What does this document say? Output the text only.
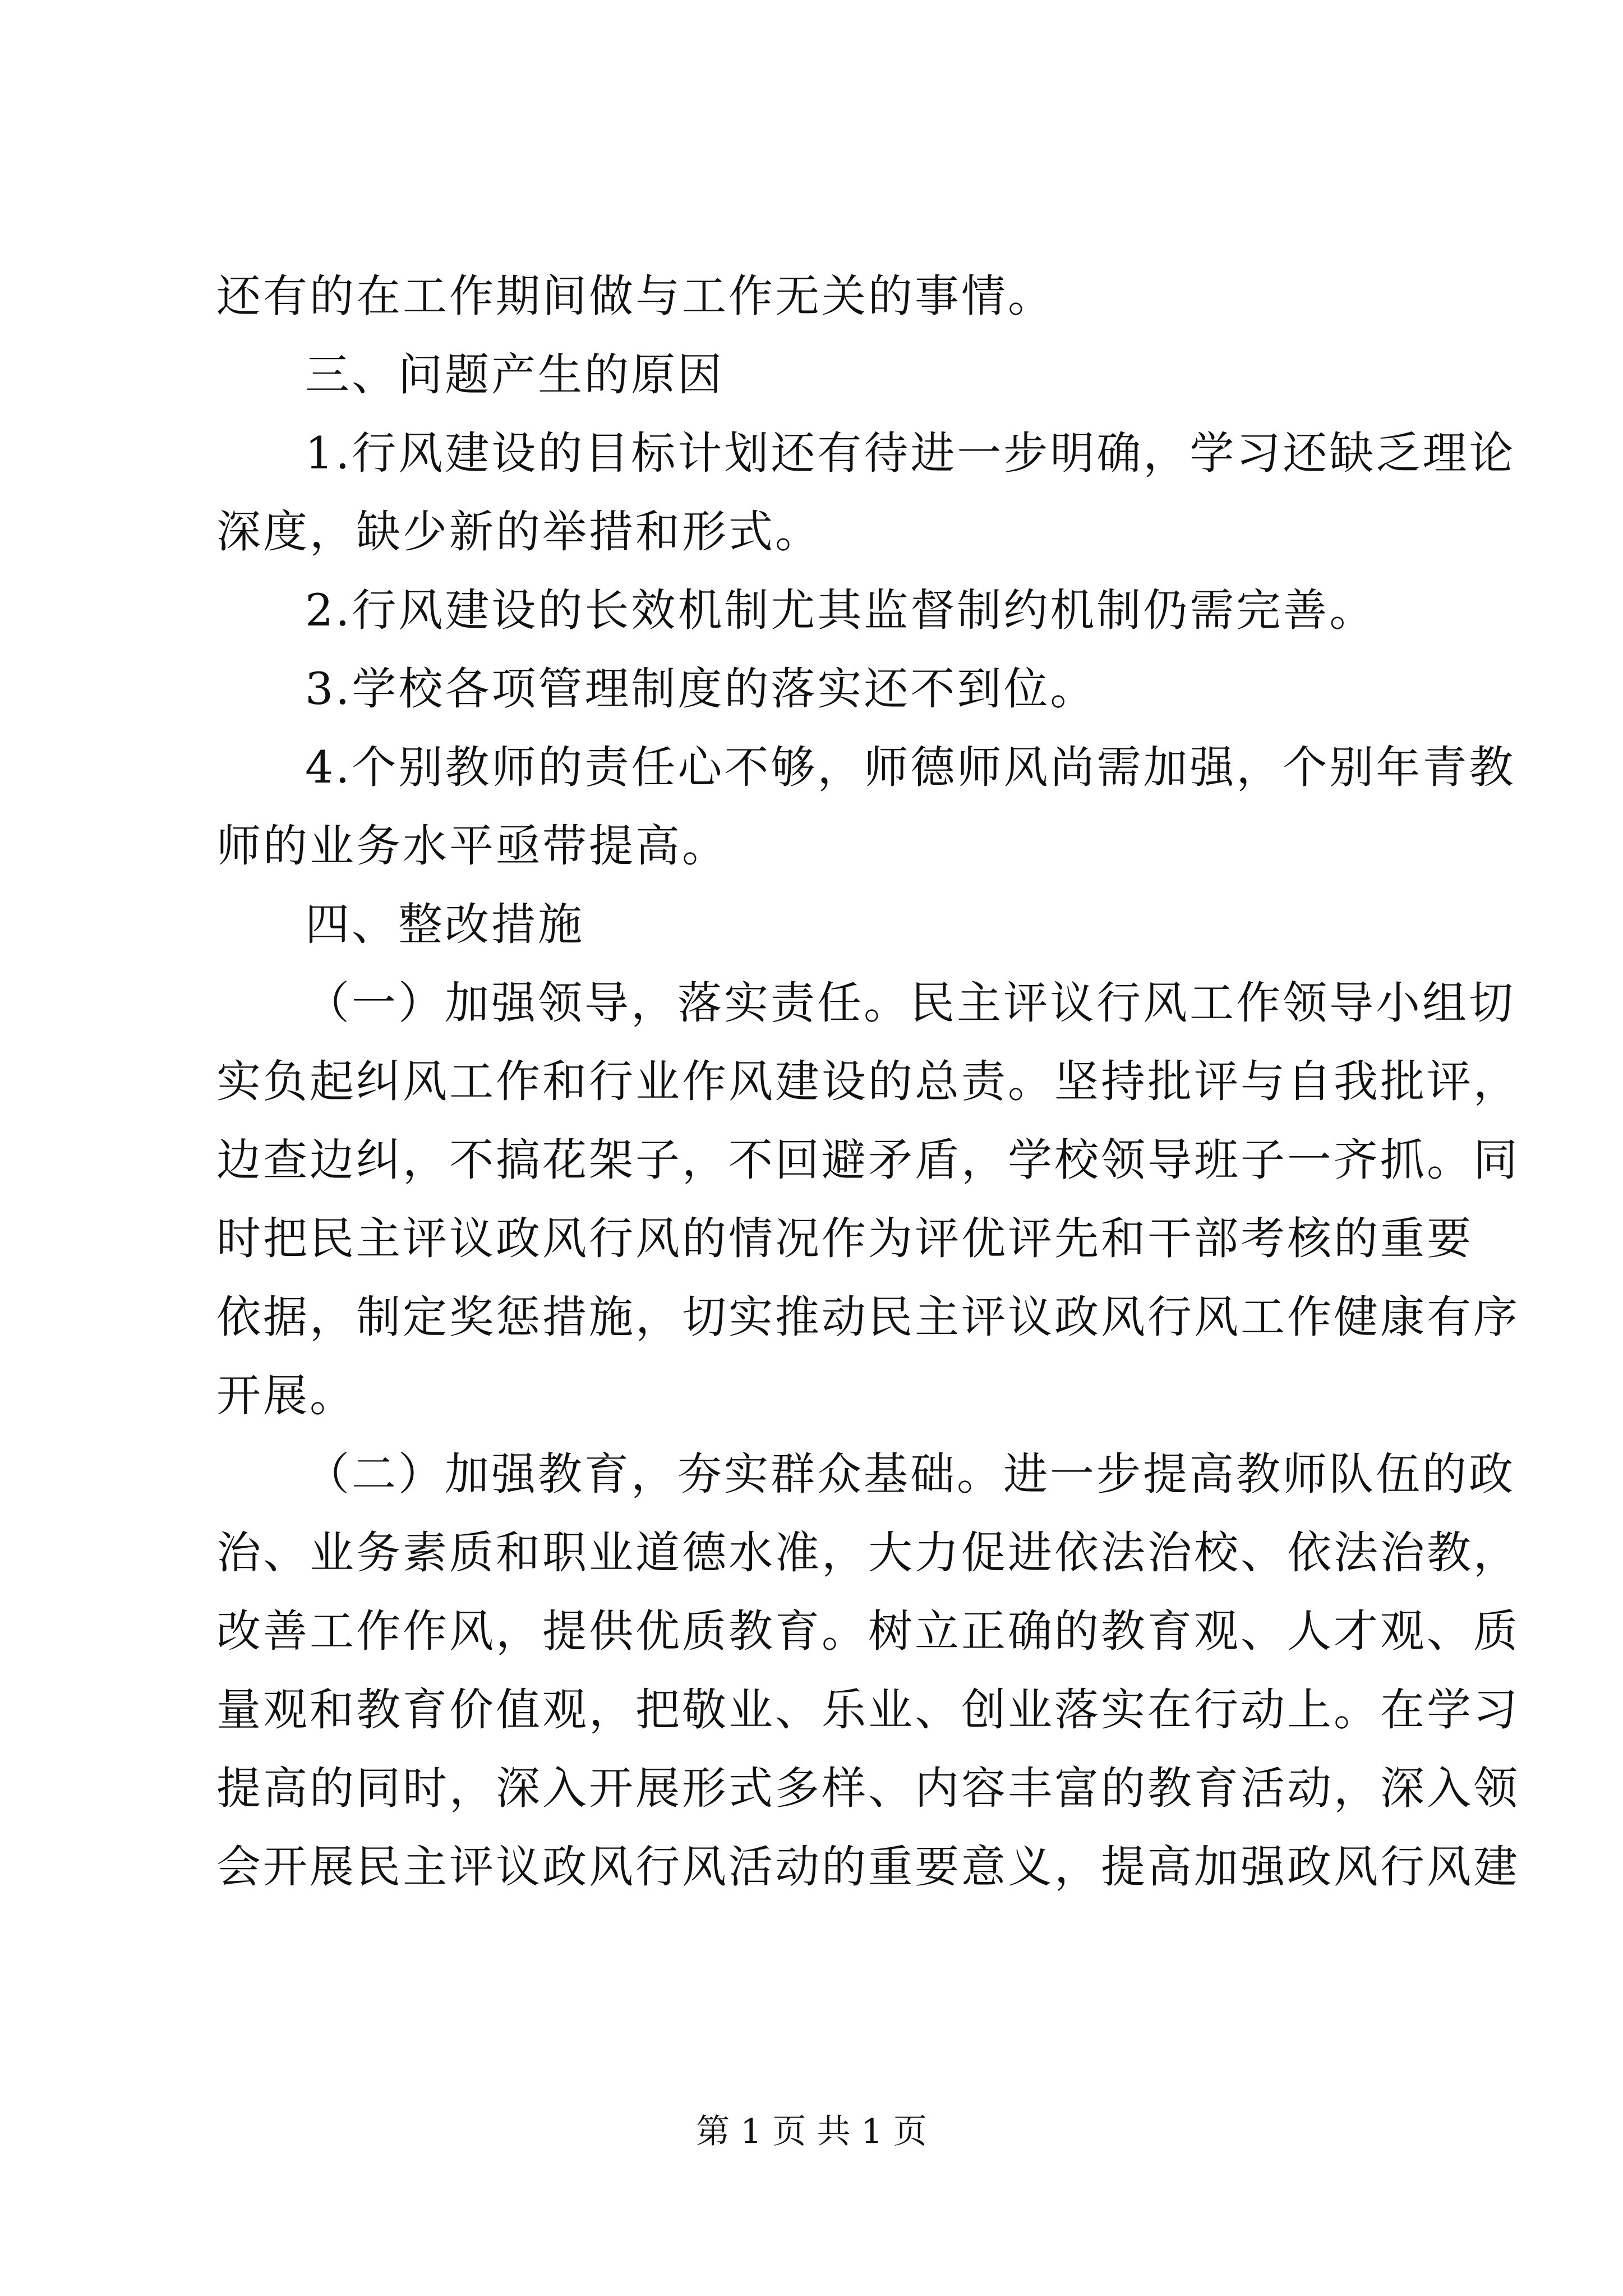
还有的在工作期间做与工作无关的事情。
三、问题产生的原因
1.行风建设的目标计划还有待进一步明确，学习还缺乏理论
深度，缺少新的举措和形式。
2.行风建设的长效机制尤其监督制约机制仍需完善。
3.学校各项管理制度的落实还不到位。
4.个别教师的责任心不够，师德师风尚需加强，个别年青教
师的业务水平亟带提高。
四、整改措施
（一）加强领导，落实责任。民主评议行风工作领导小组切
实负起纠风工作和行业作风建设的总责。坚持批评与自我批评，
边查边纠，不搞花架子，不回避矛盾，学校领导班子一齐抓。同
时把民主评议政风行风的情况作为评优评先和干部考核的重要
依据，制定奖惩措施，切实推动民主评议政风行风工作健康有序
开展。
（二）加强教育，夯实群众基础。进一步提高教师队伍的政
治、业务素质和职业道德水准，大力促进依法治校、依法治教，
改善工作作风，提供优质教育。树立正确的教育观、人才观、质
量观和教育价值观，把敬业、乐业、创业落实在行动上。在学习
提高的同时，深入开展形式多样、内容丰富的教育活动，深入领
会开展民主评议政风行风活动的重要意义，提高加强政风行风建
第 1 页 共 1 页
